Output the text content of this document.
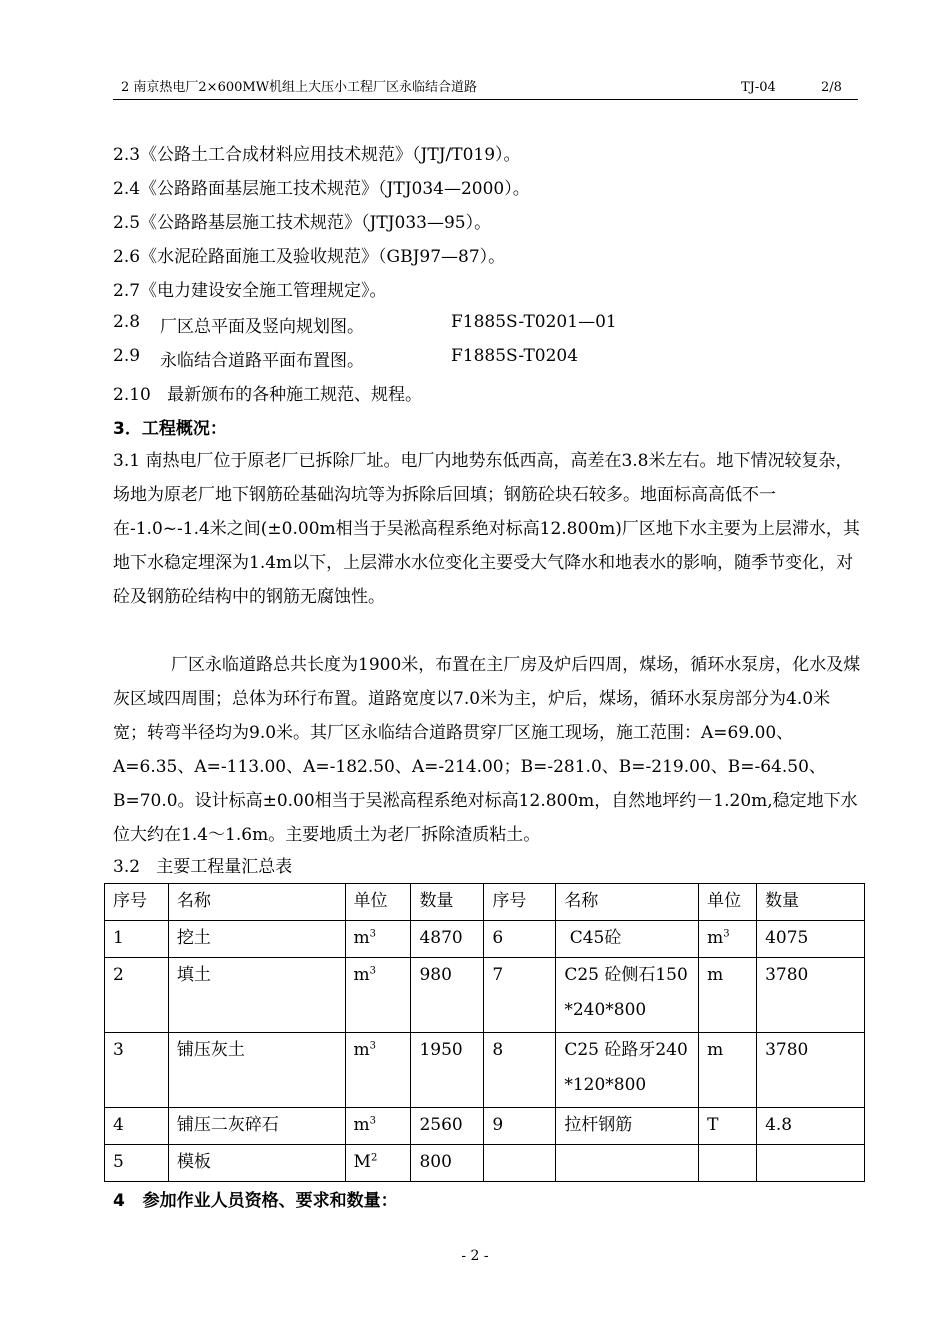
2 南京热电厂2×600MW机组上大压小工程厂区永临结合道路	TJ-04	2/8
2.3《公路土工合成材料应用技术规范》（JTJ/T019）。
2.4《公路路面基层施工技术规范》（JTJ034—2000）。
2.5《公路路基层施工技术规范》（JTJ033—95）。
2.6《水泥砼路面施工及验收规范》（GBJ97—87）。
2.7《电力建设安全施工管理规定》。
2.8 厂区总平面及竖向规划图。	F1885S-T0201—01
2.9 永临结合道路平面布置图。	F1885S-T0204
2.10   最新颁布的各种施工规范、规程。
3．工程概况：
3.1 南热电厂位于原老厂已拆除厂址。电厂内地势东低西高，高差在3.8米左右。地下情况较复杂，场地为原老厂地下钢筋砼基础沟坑等为拆除后回填；钢筋砼块石较多。地面标高高低不一在-1.0~-1.4米之间(±0.00m相当于吴淞高程系绝对标高12.800m)厂区地下水主要为上层滞水，其地下水稳定埋深为1.4m以下，上层滞水水位变化主要受大气降水和地表水的影响，随季节变化，对砼及钢筋砼结构中的钢筋无腐蚀性。
厂区永临道路总共长度为1900米，布置在主厂房及炉后四周，煤场，循环水泵房，化水及煤灰区域四周围；总体为环行布置。道路宽度以7.0米为主，炉后，煤场，循环水泵房部分为4.0米宽；转弯半径均为9.0米。其厂区永临结合道路贯穿厂区施工现场，施工范围：A=69.00、 A=6.35、A=-113.00、A=-182.50、A=-214.00；B=-281.0、B=-219.00、B=-64.50、B=70.0。设计标高±0.00相当于吴淞高程系绝对标高12.800m，自然地坪约－1.20m,稳定地下水位大约在1.4～1.6m。主要地质土为老厂拆除渣质粘土。
3.2   主要工程量汇总表
序号	名称	单位	数量	序号	名称	单位	数量
1	挖土	$m^3$	4870	6	C45砼	$m^3$	4075
2	填土	$m^3$	980	7	C25 砼侧石150*240*800	m	3780
3	铺压灰土	$m^3$	1950	8	C25 砼路牙240*120*800	m	3780
4	铺压二灰碎石	$m^3$	2560	9	拉杆钢筋	T	4.8
5	模板	$M^2$	800				
4   参加作业人员资格、要求和数量：
- 2 -
